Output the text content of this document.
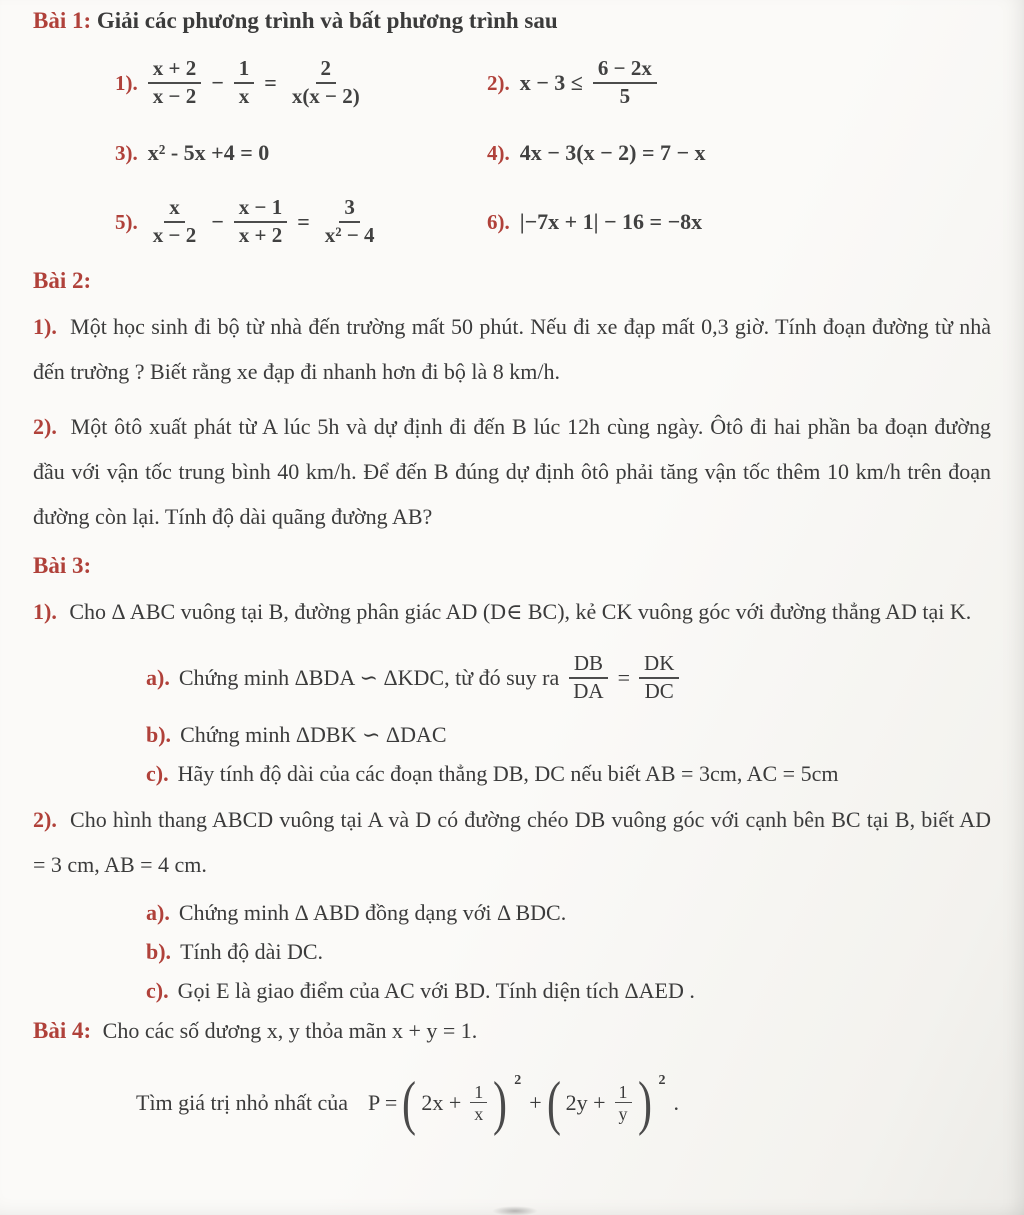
Bài 1: Giải các phương trình và bất phương trình sau
1). $\frac{x + 2}{x - 2} - \frac{1}{x} = \frac{2}{x(x - 2)}$	2). $x - 3 \le \frac{6 - 2x}{5}$
3). x² - 5x +4 = 0	4). 4x − 3(x − 2) = 7 − x
5). $\frac{x}{x - 2} - \frac{x - 1}{x + 2} = \frac{3}{\text{x² − 4}}$	6). |−7x + 1| − 16 = −8x
Bài 2:

1). Một học sinh đi bộ từ nhà đến trường mất 50 phút. Nếu đi xe đạp mất 0,3 giờ. Tính đoạn đường từ nhà đến trường ? Biết rằng xe đạp đi nhanh hơn đi bộ là 8 km/h.

2). Một ôtô xuất phát từ A lúc 5h và dự định đi đến B lúc 12h cùng ngày. Ôtô đi hai phần ba đoạn đường đầu với vận tốc trung bình 40 km/h. Để đến B đúng dự định ôtô phải tăng vận tốc thêm 10 km/h trên đoạn đường còn lại. Tính độ dài quãng đường AB?

Bài 3:

1). Cho Δ ABC vuông tại B, đường phân giác AD (D∈ BC), kẻ CK vuông góc với đường thẳng AD tại K.

a). Chứng minh ΔBDA ∽ ΔKDC, từ đó suy ra $\frac{DB}{DA} = \frac{DK}{DC}$
b). Chứng minh ΔDBK ∽ ΔDAC
c). Hãy tính độ dài của các đoạn thẳng DB, DC nếu biết AB = 3cm, AC = 5cm

2). Cho hình thang ABCD vuông tại A và D có đường chéo DB vuông góc với cạnh bên BC tại B, biết AD = 3 cm, AB = 4 cm.

a). Chứng minh Δ ABD đồng dạng với Δ BDC.
b). Tính độ dài DC.
c). Gọi E là giao điểm của AC với BD. Tính diện tích ΔAED .
Bài 4: Cho các số dương x, y thỏa mãn x + y = 1.
Tìm giá trị nhỏ nhất của P = ( $2x + \frac{1}{x}$ ) 2
+ ( $2y + \frac{1}{y}$ ) 2
.
